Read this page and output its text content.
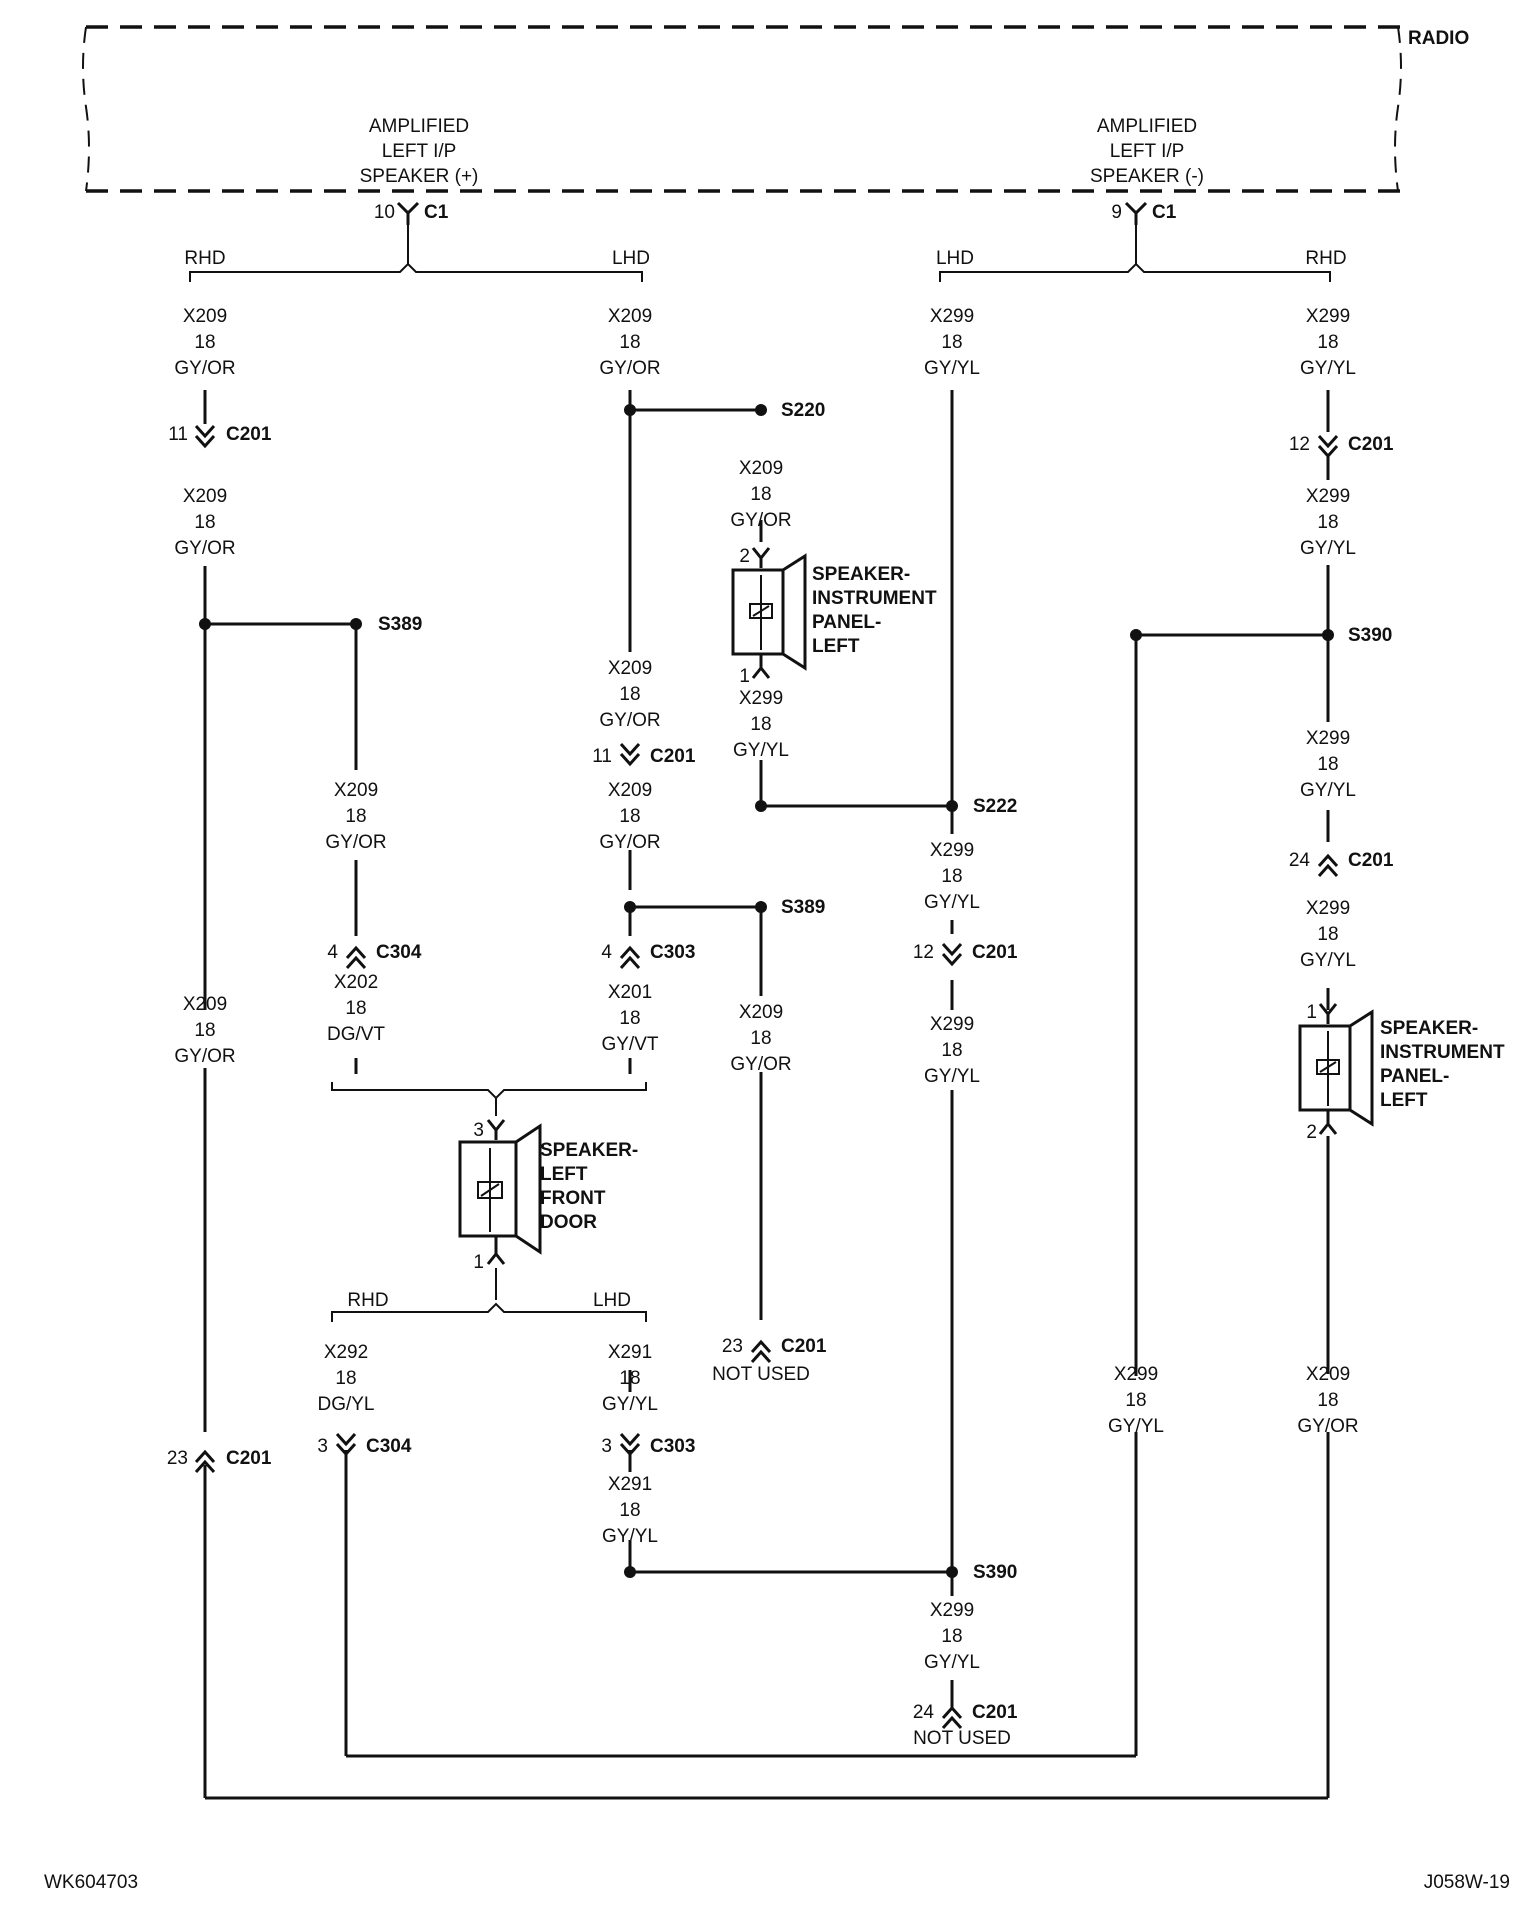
RADIO
AMPLIFIED
LEFT I/P
SPEAKER (+)
10 C1
AMPLIFIED
LEFT I/P
SPEAKER (-)
9 C1
RHD	LHD	LHD	RHD
S220
S389
S389
S222
S390
S390
X209
18
GY/OR
X209
18
GY/OR
X209
18
GY/OR
X209
18
GY/OR
X202
18
DG/VT
X209
18
GY/OR
X209
18
GY/OR
X209
18
GY/OR
X201
18
GY/VT
X209
18
GY/OR
X299
18
GY/YL
X209
18
GY/OR
X299
18
GY/YL
X299
18
GY/YL
X299
18
GY/YL
X299
18
GY/YL
X299
18
GY/YL
X299
18
GY/YL
X299
18
GY/YL
X299
18
GY/YL
X299
18
GY/YL
X209
18
GY/OR
X292
18
DG/YL
X291
18
GY/YL
X291
18
GY/YL
11 C201
11 C201
12 C201
12 C201
4 C304	4 C303
24 C201
23 C201
NOT USED
23 C201
3 C304	3 C303
24 C201
NOT USED
2
1
SPEAKER-
INSTRUMENT
PANEL-
LEFT
1
2
SPEAKER-
INSTRUMENT
PANEL-
LEFT
3
1
SPEAKER-
LEFT
FRONT
DOOR
RHD	LHD
WK604703	J058W-19
